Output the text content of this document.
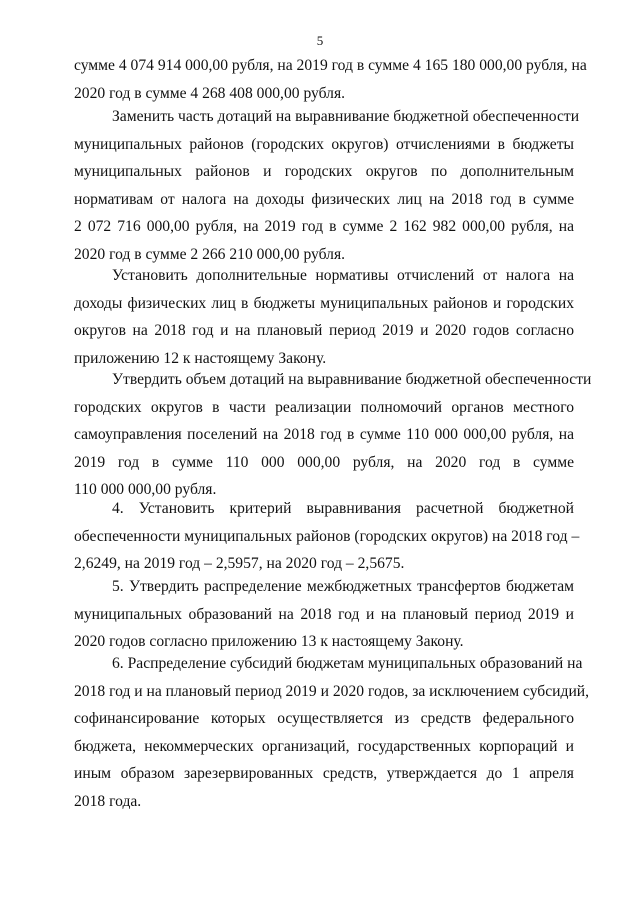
5
сумме 4 074 914 000,00 рубля, на 2019 год в сумме 4 165 180 000,00 рубля, на
2020 год в сумме 4 268 408 000,00 рубля.
Заменить часть дотаций на выравнивание бюджетной обеспеченности
муниципальных районов (городских округов) отчислениями в бюджеты
муниципальных районов и городских округов по дополнительным
нормативам от налога на доходы физических лиц на 2018 год в сумме
2 072 716 000,00 рубля, на 2019 год в сумме 2 162 982 000,00 рубля, на
2020 год в сумме 2 266 210 000,00 рубля.
Установить дополнительные нормативы отчислений от налога на
доходы физических лиц в бюджеты муниципальных районов и городских
округов на 2018 год и на плановый период 2019 и 2020 годов согласно
приложению 12 к настоящему Закону.
Утвердить объем дотаций на выравнивание бюджетной обеспеченности
городских округов в части реализации полномочий органов местного
самоуправления поселений на 2018 год в сумме 110 000 000,00 рубля, на
2019 год в сумме 110 000 000,00 рубля, на 2020 год в сумме
110 000 000,00 рубля.
4. Установить критерий выравнивания расчетной бюджетной
обеспеченности муниципальных районов (городских округов) на 2018 год –
2,6249, на 2019 год – 2,5957, на 2020 год – 2,5675.
5. Утвердить распределение межбюджетных трансфертов бюджетам
муниципальных образований на 2018 год и на плановый период 2019 и
2020 годов согласно приложению 13 к настоящему Закону.
6. Распределение субсидий бюджетам муниципальных образований на
2018 год и на плановый период 2019 и 2020 годов, за исключением субсидий,
софинансирование которых осуществляется из средств федерального
бюджета, некоммерческих организаций, государственных корпораций и
иным образом зарезервированных средств, утверждается до 1 апреля
2018 года.
